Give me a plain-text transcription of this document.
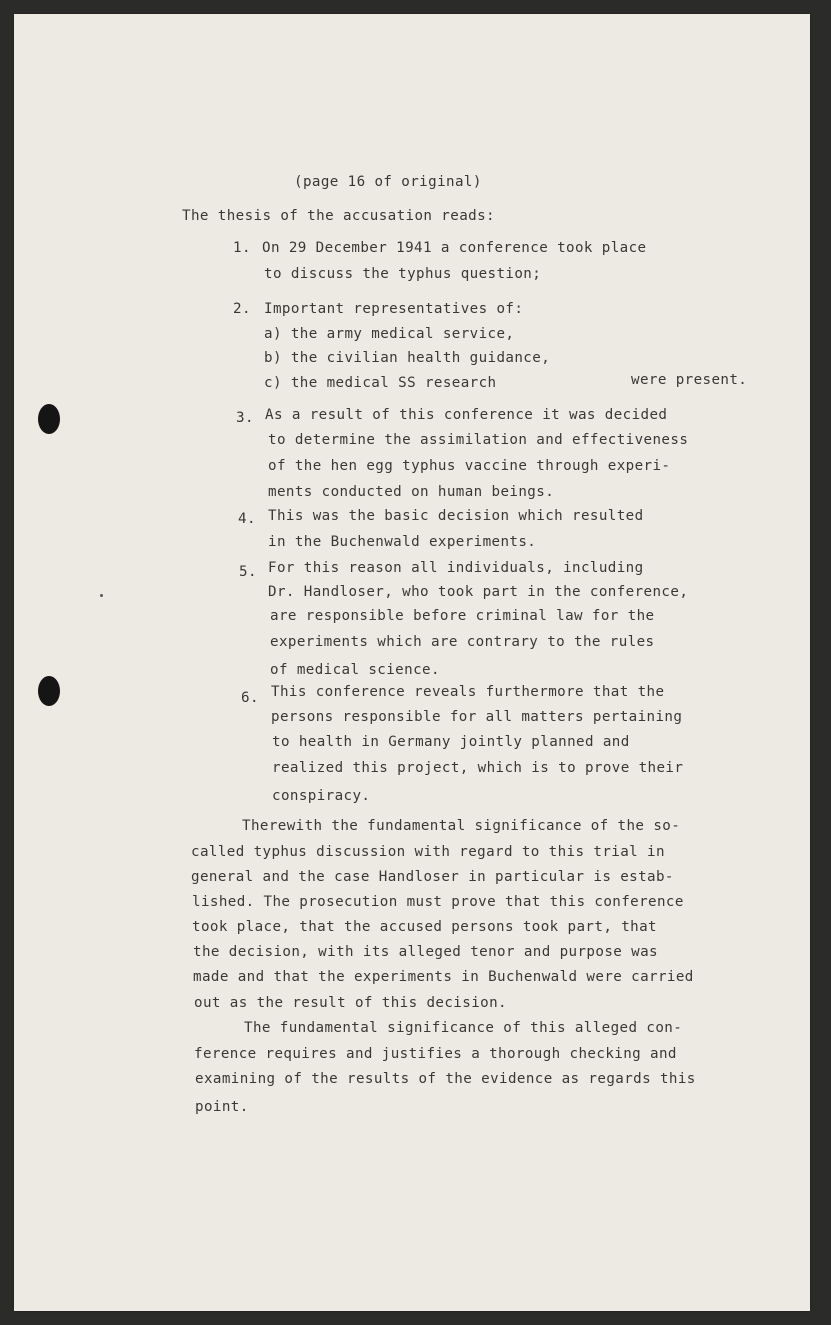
(page 16 of original)
The thesis of the accusation reads:
1. On 29 December 1941 a conference took place
to discuss the typhus question;
2. Important representatives of:
a) the army medical service,
b) the civilian health guidance,
c) the medical SS research	were present.
3. As a result of this conference it was decided
to determine the assimilation and effectiveness
of the hen egg typhus vaccine through experi-
ments conducted on human beings.
4. This was the basic decision which resulted
in the Buchenwald experiments.
5. For this reason all individuals, including
Dr. Handloser, who took part in the conference,
are responsible before criminal law for the
experiments which are contrary to the rules
of medical science.
6. This conference reveals furthermore that the
persons responsible for all matters pertaining
to health in Germany jointly planned and
realized this project, which is to prove their
conspiracy.
Therewith the fundamental significance of the so-
called typhus discussion with regard to this trial in
general and the case Handloser in particular is estab-
lished. The prosecution must prove that this conference
took place, that the accused persons took part, that
the decision, with its alleged tenor and purpose was
made and that the experiments in Buchenwald were carried
out as the result of this decision.
The fundamental significance of this alleged con-
ference requires and justifies a thorough checking and
examining of the results of the evidence as regards this
point.
